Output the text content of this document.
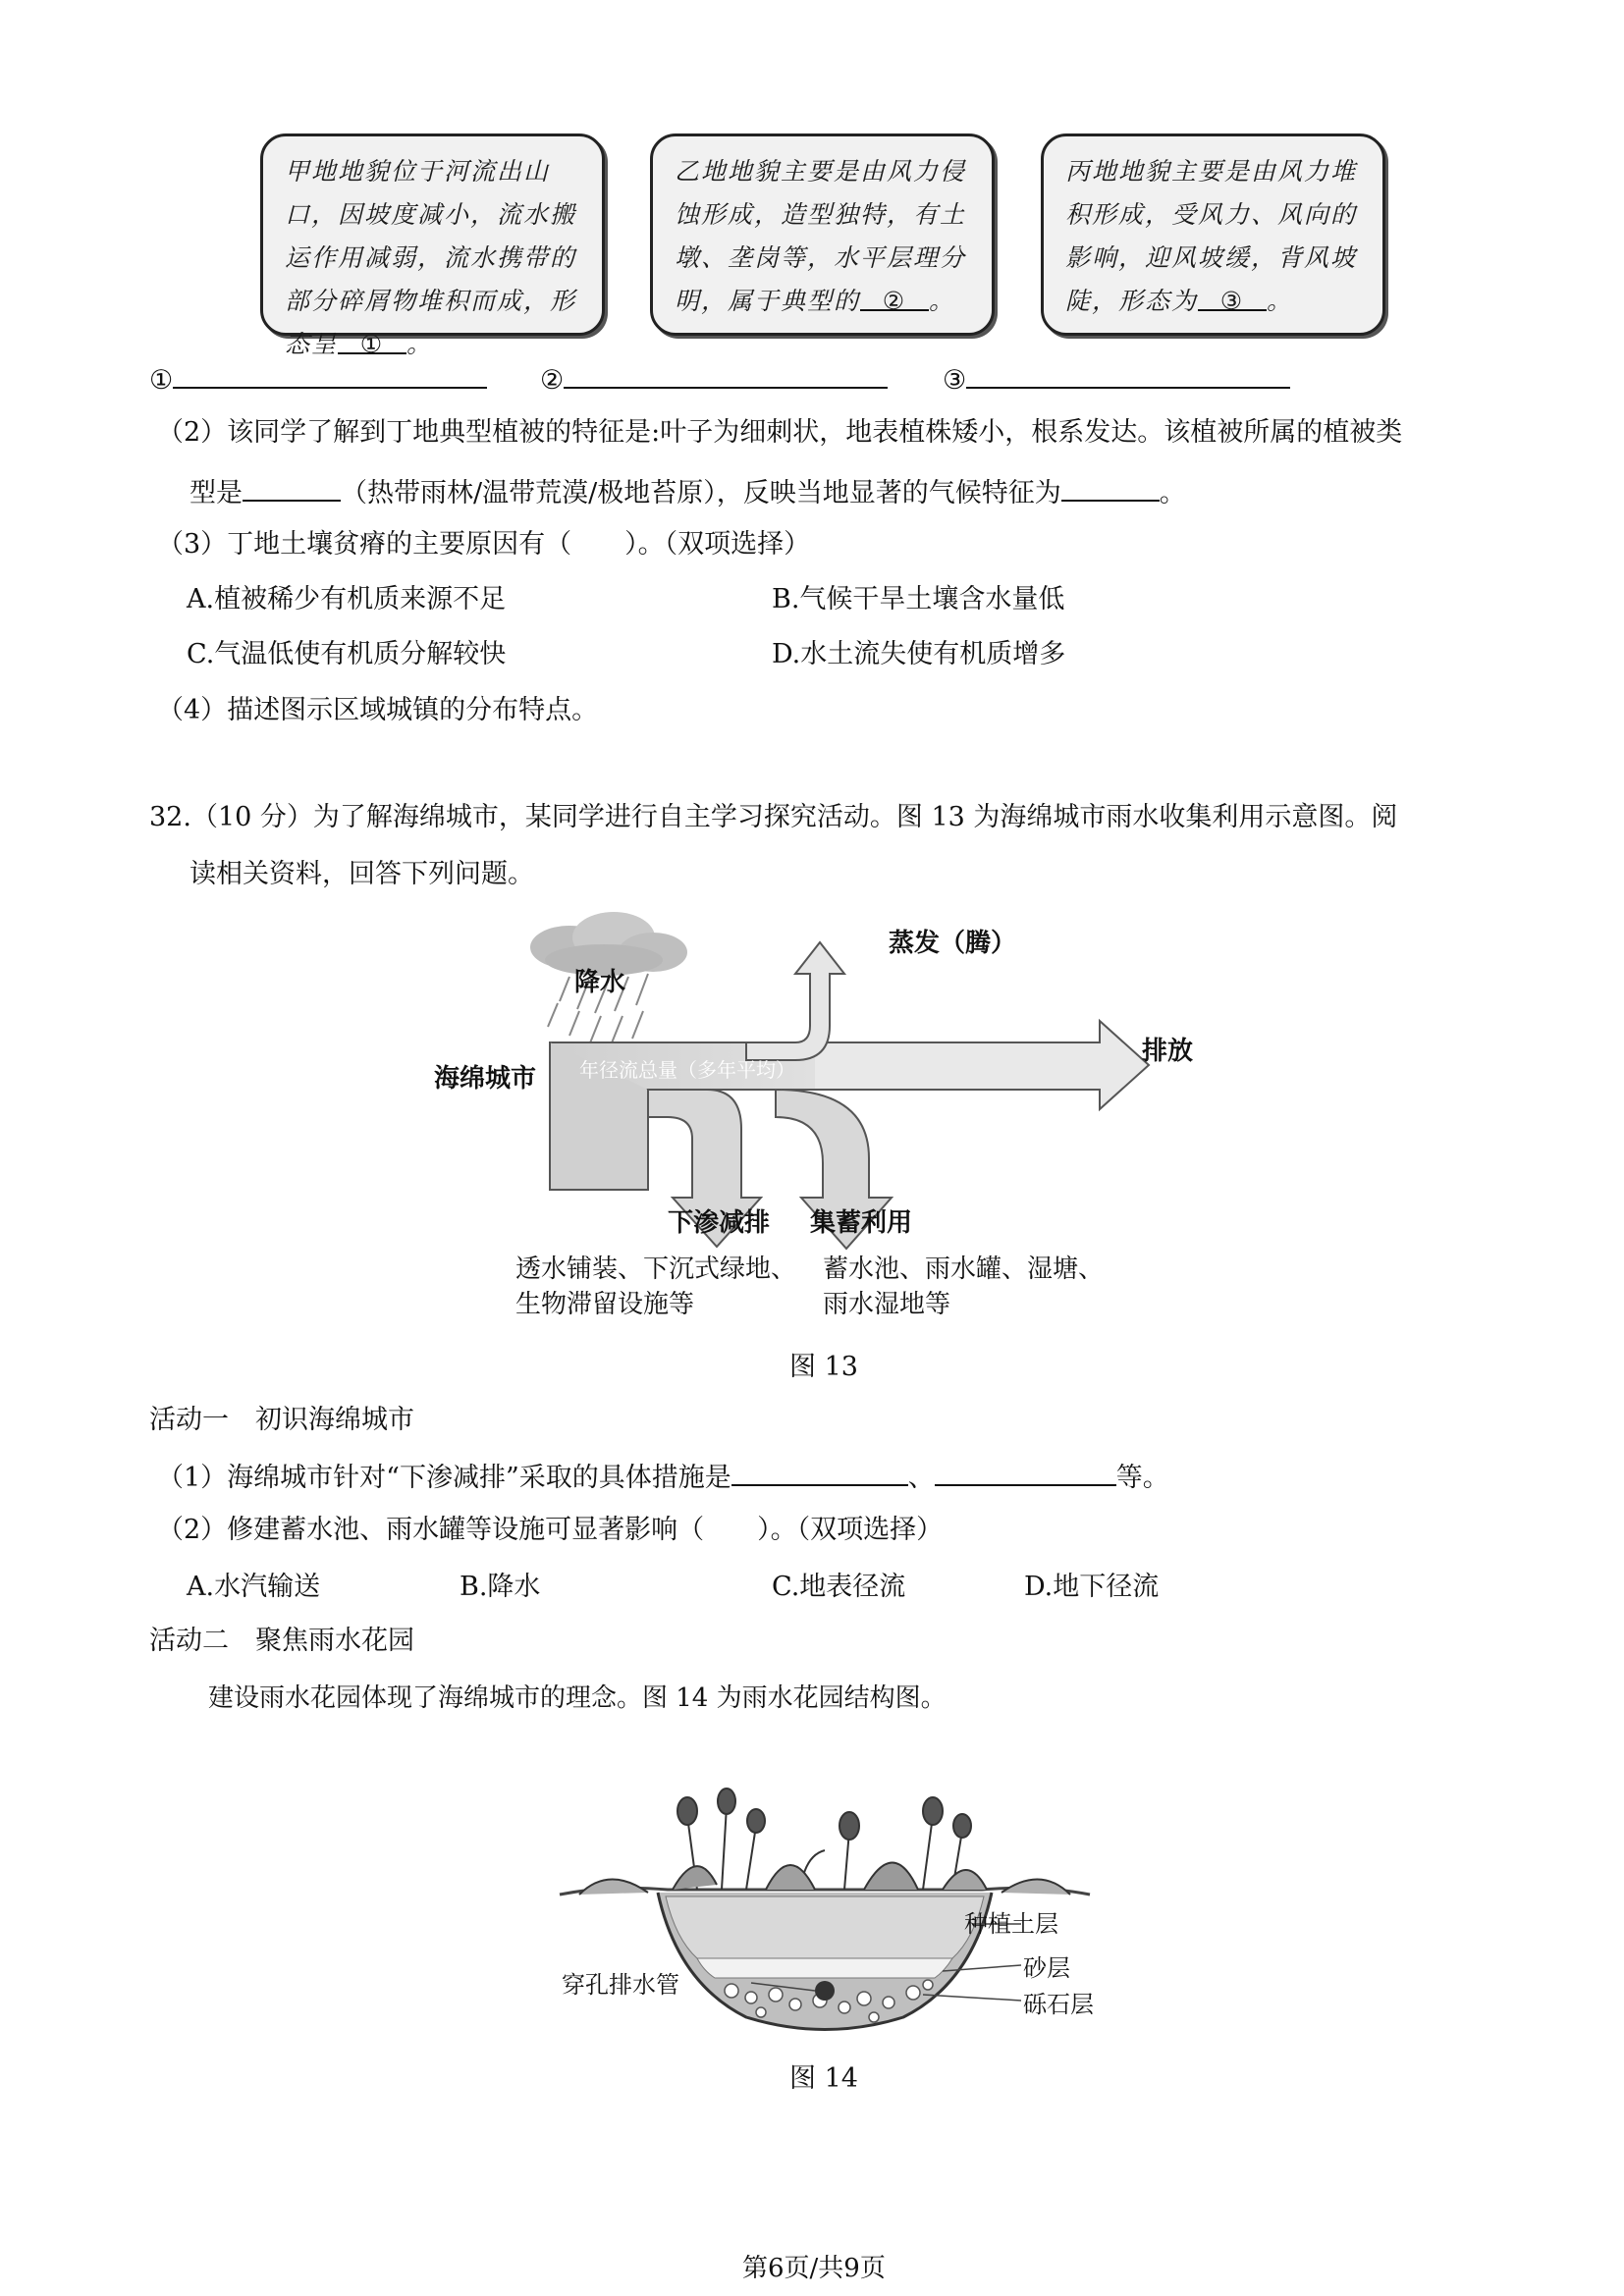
甲地地貌位于河流出山口，因坡度减小，流水搬运作用减弱，流水携带的部分碎屑物堆积而成，形态呈 ① 。
乙地地貌主要是由风力侵蚀形成，造型独特，有土墩、垄岗等，水平层理分明，属于典型的 ② 。
丙地地貌主要是由风力堆积形成，受风力、风向的影响，迎风坡缓，背风坡陡，形态为 ③ 。
①	②	③
（2）该同学了解到丁地典型植被的特征是:叶子为细刺状，地表植株矮小，根系发达。该植被所属的植被类
型是	（热带雨林/温带荒漠/极地苔原），反映当地显著的气候特征为	。
（3）丁地土壤贫瘠的主要原因有（　　）。（双项选择）
A.植被稀少有机质来源不足	B.气候干旱土壤含水量低
C.气温低使有机质分解较快	D.水土流失使有机质增多
（4）描述图示区域城镇的分布特点。
32.（10 分）为了解海绵城市，某同学进行自主学习探究活动。图 13 为海绵城市雨水收集利用示意图。阅
读相关资料，回答下列问题。
年径流总量（多年平均）
降水
蒸发（腾）
海绵城市
排放
下渗减排 集蓄利用
透水铺装、下沉式绿地、
生物滞留设施等
蓄水池、雨水罐、湿塘、
雨水湿地等
图 13
活动一　初识海绵城市
（1）海绵城市针对“下渗减排”采取的具体措施是	、	等。
（2）修建蓄水池、雨水罐等设施可显著影响（　　）。（双项选择）
A.水汽输送	B.降水	C.地表径流	D.地下径流
活动二　聚焦雨水花园
建设雨水花园体现了海绵城市的理念。图 14 为雨水花园结构图。
种植土层
砂层
砾石层
穿孔排水管
图 14
第6页/共9页
